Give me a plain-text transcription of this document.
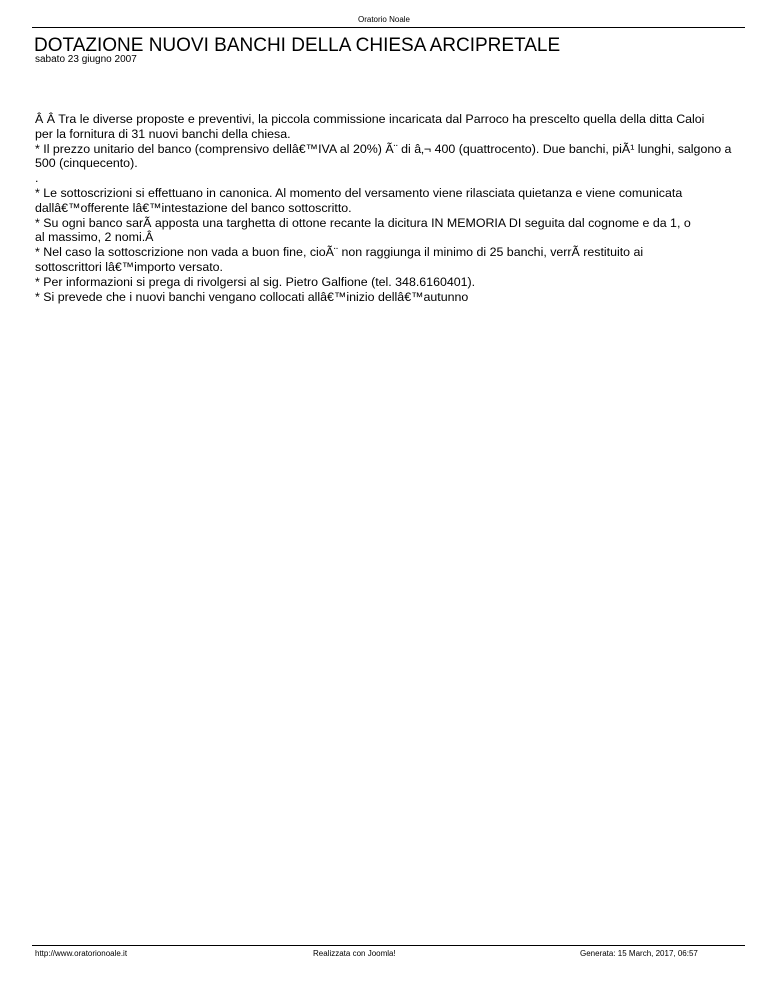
Oratorio Noale
DOTAZIONE NUOVI BANCHI DELLA CHIESA ARCIPRETALE
sabato 23 giugno 2007
Â Â Tra le diverse proposte e preventivi, la piccola commissione incaricata dal Parroco ha prescelto quella della ditta Caloi
per la fornitura di 31 nuovi banchi della chiesa.
* Il prezzo unitario del banco (comprensivo dellâ€™IVA al 20%) Ã¨ di â‚¬ 400 (quattrocento). Due banchi, piÃ¹ lunghi, salgono a
500 (cinquecento).
.
* Le sottoscrizioni si effettuano in canonica. Al momento del versamento viene rilasciata quietanza e viene comunicata
dallâ€™offerente lâ€™intestazione del banco sottoscritto.
* Su ogni banco sarÃ apposta una targhetta di ottone recante la dicitura IN MEMORIA DI seguita dal cognome e da 1, o
al massimo, 2 nomi.Â
* Nel caso la sottoscrizione non vada a buon fine, cioÃ¨ non raggiunga il minimo di 25 banchi, verrÃ restituito ai
sottoscrittori lâ€™importo versato.
* Per informazioni si prega di rivolgersi al sig. Pietro Galfione (tel. 348.6160401).
* Si prevede che i nuovi banchi vengano collocati allâ€™inizio dellâ€™autunno
http://www.oratorionoale.it	Realizzata con Joomla!	Generata: 15 March, 2017, 06:57
